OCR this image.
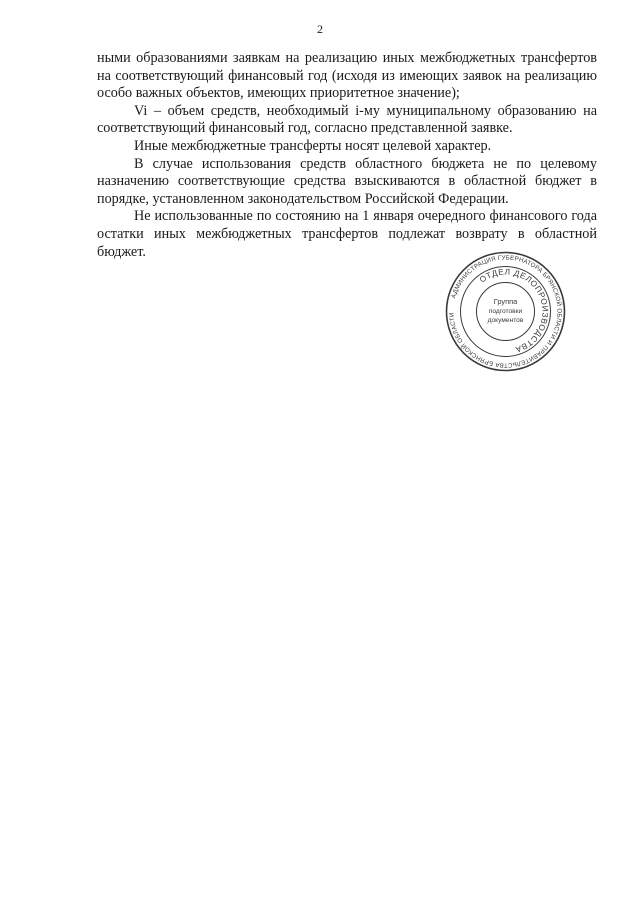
2

ными образованиями заявкам на реализацию иных межбюджетных трансфертов на соответствующий финансовый год (исходя из имеющих заявок на реализацию особо важных объектов, имеющих приоритетное значение);

Vi – объем средств, необходимый i-му муниципальному образованию на соответствующий финансовый год, согласно представленной заявке.

Иные межбюджетные трансферты носят целевой характер.

В случае использования средств областного бюджета не по целевому назначению соответствующие средства взыскиваются в областной бюджет в порядке, установленном законодательством Российской Федерации.

Не использованные по состоянию на 1 января очередного финансового года остатки иных межбюджетных трансфертов подлежат возврату в областной бюджет.

АДМИНИСТРАЦИЯ ГУБЕРНАТОРА БРЯНСКОЙ ОБЛАСТИ И ПРАВИТЕЛЬСТВА БРЯНСКОЙ ОБЛАСТИ
ОТДЕЛ ДЕЛОПРОИЗВОДСТВА
Группа
подготовки
документов
